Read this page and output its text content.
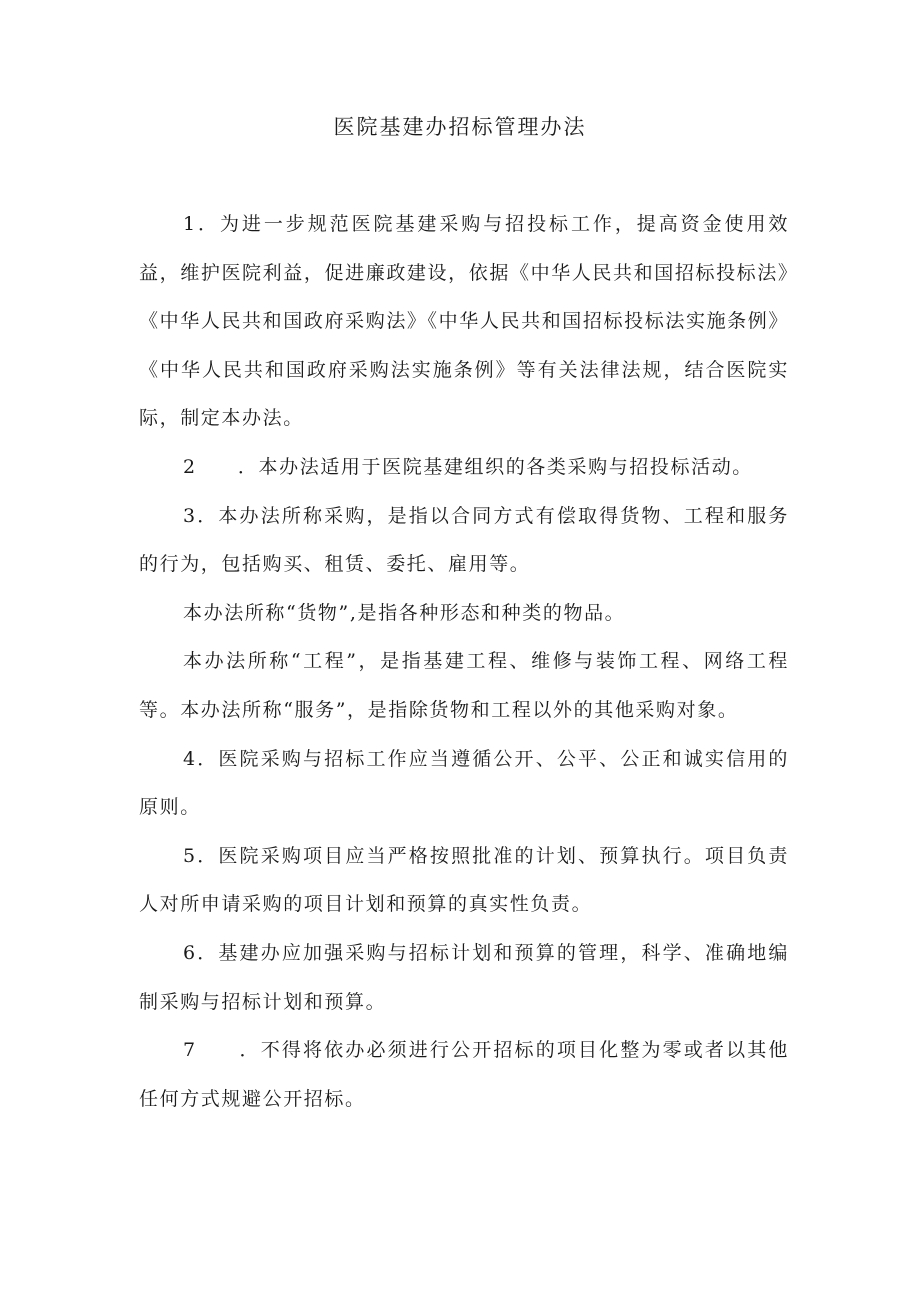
医院基建办招标管理办法

1．为进一步规范医院基建采购与招投标工作，提高资金使用效益，维护医院利益，促进廉政建设，依据《中华人民共和国招标投标法》《中华人民共和国政府采购法》《中华人民共和国招标投标法实施条例》《中华人民共和国政府采购法实施条例》等有关法律法规，结合医院实际，制定本办法。

2　　．本办法适用于医院基建组织的各类采购与招投标活动。

3．本办法所称采购，是指以合同方式有偿取得货物、工程和服务的行为，包括购买、租赁、委托、雇用等。

本办法所称“货物”,是指各种形态和种类的物品。

本办法所称“工程”，是指基建工程、维修与装饰工程、网络工程等。本办法所称“服务”，是指除货物和工程以外的其他采购对象。

4．医院采购与招标工作应当遵循公开、公平、公正和诚实信用的原则。

5．医院采购项目应当严格按照批准的计划、预算执行。项目负责人对所申请采购的项目计划和预算的真实性负责。

6．基建办应加强采购与招标计划和预算的管理，科学、准确地编制采购与招标计划和预算。

7　　．不得将依办必须进行公开招标的项目化整为零或者以其他任何方式规避公开招标。
